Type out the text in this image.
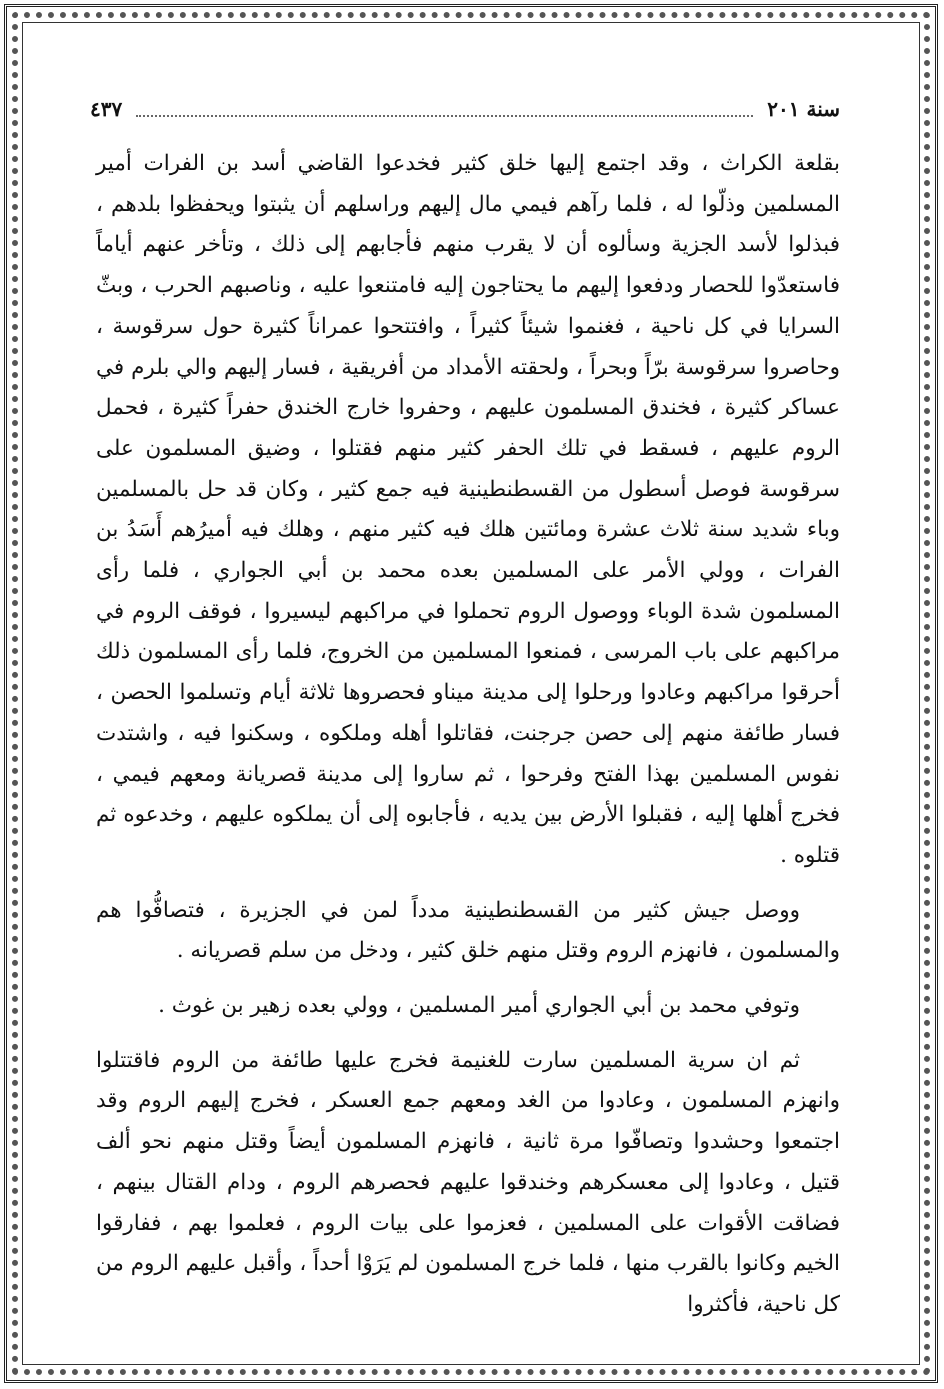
سنة ٢٠١
٤٣٧

بقلعة الكراث ، وقد اجتمع إليها خلق كثير فخدعوا القاضي أسد بن الفرات أمير المسلمين وذلّوا له ، فلما رآهم فيمي مال إليهم وراسلهم أن يثبتوا ويحفظوا بلدهم ، فبذلوا لأسد الجزية وسألوه أن لا يقرب منهم فأجابهم إلى ذلك ، وتأخر عنهم أياماً فاستعدّوا للحصار ودفعوا إليهم ما يحتاجون إليه فامتنعوا عليه ، وناصبهم الحرب ، وبثّ السرايا في كل ناحية ، فغنموا شيئاً كثيراً ، وافتتحوا عمراناً كثيرة حول سرقوسة ، وحاصروا سرقوسة برّاً وبحراً ، ولحقته الأمداد من أفريقية ، فسار إليهم والي بلرم في عساكر كثيرة ، فخندق المسلمون عليهم ، وحفروا خارج الخندق حفراً كثيرة ، فحمل الروم عليهم ، فسقط في تلك الحفر كثير منهم فقتلوا ، وضيق المسلمون على سرقوسة فوصل أسطول من القسطنطينية فيه جمع كثير ، وكان قد حل بالمسلمين وباء شديد سنة ثلاث عشرة ومائتين هلك فيه كثير منهم ، وهلك فيه أميرُهم أَسَدُ بن الفرات ، وولي الأمر على المسلمين بعده محمد بن أبي الجواري ، فلما رأى المسلمون شدة الوباء ووصول الروم تحملوا في مراكبهم ليسيروا ، فوقف الروم في مراكبهم على باب المرسى ، فمنعوا المسلمين من الخروج، فلما رأى المسلمون ذلك أحرقوا مراكبهم وعادوا ورحلوا إلى مدينة ميناو فحصروها ثلاثة أيام وتسلموا الحصن ، فسار طائفة منهم إلى حصن جرجنت، فقاتلوا أهله وملكوه ، وسكنوا فيه ، واشتدت نفوس المسلمين بهذا الفتح وفرحوا ، ثم ساروا إلى مدينة قصريانة ومعهم فيمي ، فخرج أهلها إليه ، فقبلوا الأرض بين يديه ، فأجابوه إلى أن يملكوه عليهم ، وخدعوه ثم قتلوه .

ووصل جيش كثير من القسطنطينية مدداً لمن في الجزيرة ، فتصافُّوا هم والمسلمون ، فانهزم الروم وقتل منهم خلق كثير ، ودخل من سلم قصريانه .

وتوفي محمد بن أبي الجواري أمير المسلمين ، وولي بعده زهير بن غوث .

ثم ان سرية المسلمين سارت للغنيمة فخرج عليها طائفة من الروم فاقتتلوا وانهزم المسلمون ، وعادوا من الغد ومعهم جمع العسكر ، فخرج إليهم الروم وقد اجتمعوا وحشدوا وتصافّوا مرة ثانية ، فانهزم المسلمون أيضاً وقتل منهم نحو ألف قتيل ، وعادوا إلى معسكرهم وخندقوا عليهم فحصرهم الروم ، ودام القتال بينهم ، فضاقت الأقوات على المسلمين ، فعزموا على بيات الروم ، فعلموا بهم ، ففارقوا الخيم وكانوا بالقرب منها ، فلما خرج المسلمون لم يَرَوْا أحداً ، وأقبل عليهم الروم من كل ناحية، فأكثروا
